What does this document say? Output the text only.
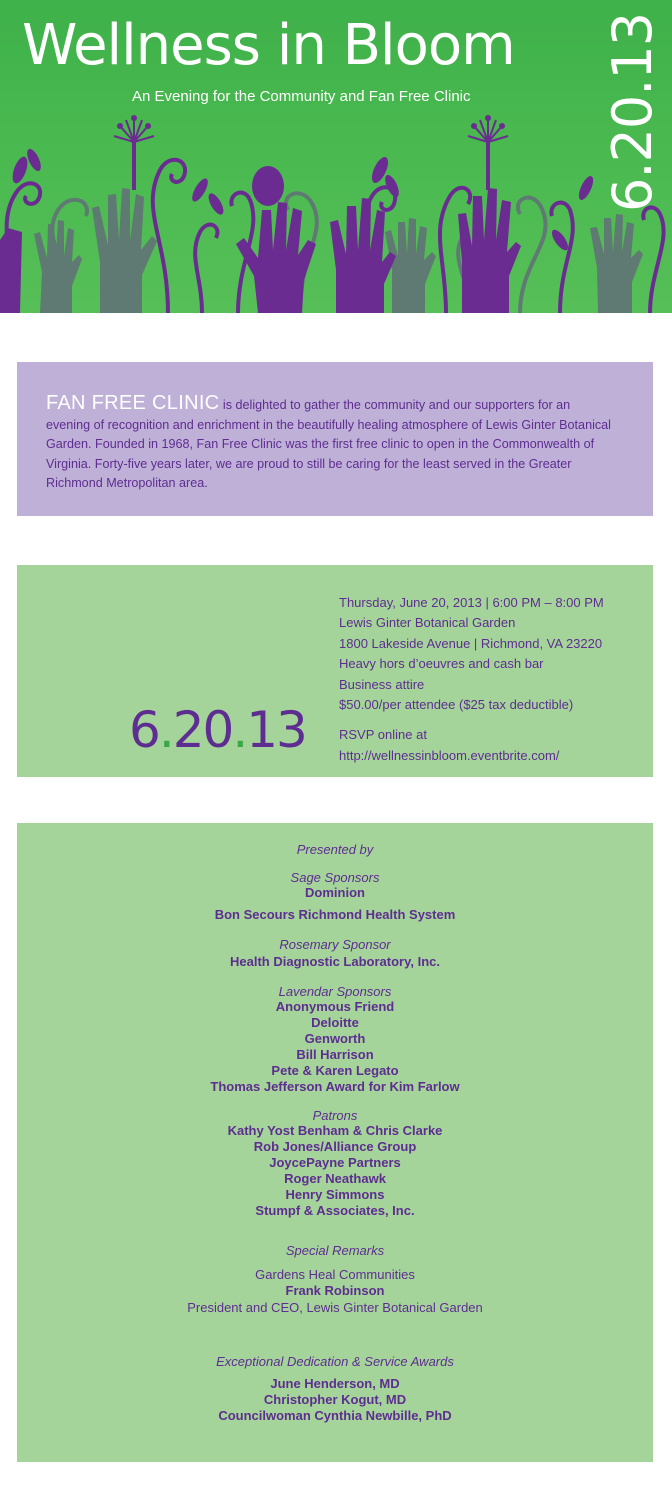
Wellness in Bloom
An Evening for the Community and Fan Free Clinic 6.20.13
FAN FREE CLINIC is delighted to gather the community and our supporters for an evening of recognition and enrichment in the beautifully healing atmosphere of Lewis Ginter Botanical Garden. Founded in 1968, Fan Free Clinic was the first free clinic to open in the Commonwealth of Virginia. Forty-five years later, we are proud to still be caring for the least served in the Greater Richmond Metropolitan area.
6.20.13
Thursday, June 20, 2013 | 6:00 PM – 8:00 PM
Lewis Ginter Botanical Garden
1800 Lakeside Avenue | Richmond, VA 23220
Heavy hors d’oeuvres and cash bar
Business attire
$50.00/per attendee ($25 tax deductible)
RSVP online at
http://wellnessinbloom.eventbrite.com/
Presented by
Sage Sponsors
Dominion
Bon Secours Richmond Health System
Rosemary Sponsor
Health Diagnostic Laboratory, Inc.
Lavendar Sponsors
Anonymous Friend
Deloitte
Genworth
Bill Harrison
Pete & Karen Legato
Thomas Jefferson Award for Kim Farlow
Patrons
Kathy Yost Benham & Chris Clarke
Rob Jones/Alliance Group
JoycePayne Partners
Roger Neathawk
Henry Simmons
Stumpf & Associates, Inc.
Special Remarks
Gardens Heal Communities
Frank Robinson
President and CEO, Lewis Ginter Botanical Garden
Exceptional Dedication & Service Awards
June Henderson, MD
Christopher Kogut, MD
Councilwoman Cynthia Newbille, PhD
